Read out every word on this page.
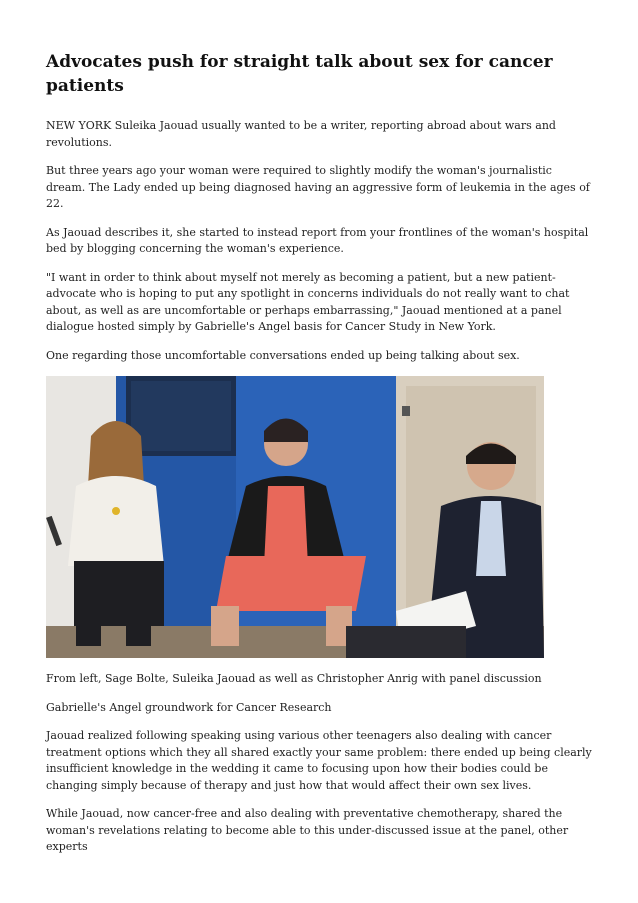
Advocates push for straight talk about sex for cancer patients

NEW YORK Suleika Jaouad usually wanted to be a writer, reporting abroad about wars and revolutions.

But three years ago your woman were required to slightly modify the woman's journalistic dream. The Lady ended up being diagnosed having an aggressive form of leukemia in the ages of 22.

As Jaouad describes it, she started to instead report from your frontlines of the woman's hospital bed by blogging concerning the woman's experience.

"I want in order to think about myself not merely as becoming a patient, but a new patient-advocate who is hoping to put any spotlight in concerns individuals do not really want to chat about, as well as are uncomfortable or perhaps embarrassing," Jaouad mentioned at a panel dialogue hosted simply by Gabrielle's Angel basis for Cancer Study in New York.

One regarding those uncomfortable conversations ended up being talking about sex.

From left, Sage Bolte, Suleika Jaouad as well as Christopher Anrig with panel discussion

Gabrielle's Angel groundwork for Cancer Research

Jaouad realized following speaking using various other teenagers also dealing with cancer treatment options which they all shared exactly your same problem: there ended up being clearly insufficient knowledge in the wedding it came to focusing upon how their bodies could be changing simply because of therapy and just how that would affect their own sex lives.

While Jaouad, now cancer-free and also dealing with preventative chemotherapy, shared the woman's revelations relating to become able to this under-discussed issue at the panel, other experts
